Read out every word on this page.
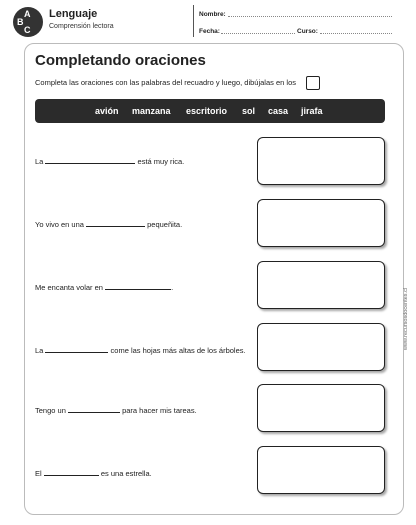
A
B
C
Lenguaje
Comprensión lectora
Nombre:
Fecha:	Curso:
Completando oraciones
Completa las oraciones con las palabras del recuadro y luego, dibújalas en los
avión manzana escritorio sol casa jirafa
La	está muy rica.
Yo vivo en una	pequeñita.
Me encanta volar en	.
La	come las hojas más altas de los árboles.
Tengo un	para hacer mis tareas.
El	es una estrella.
www.recursosdocentes.cl
